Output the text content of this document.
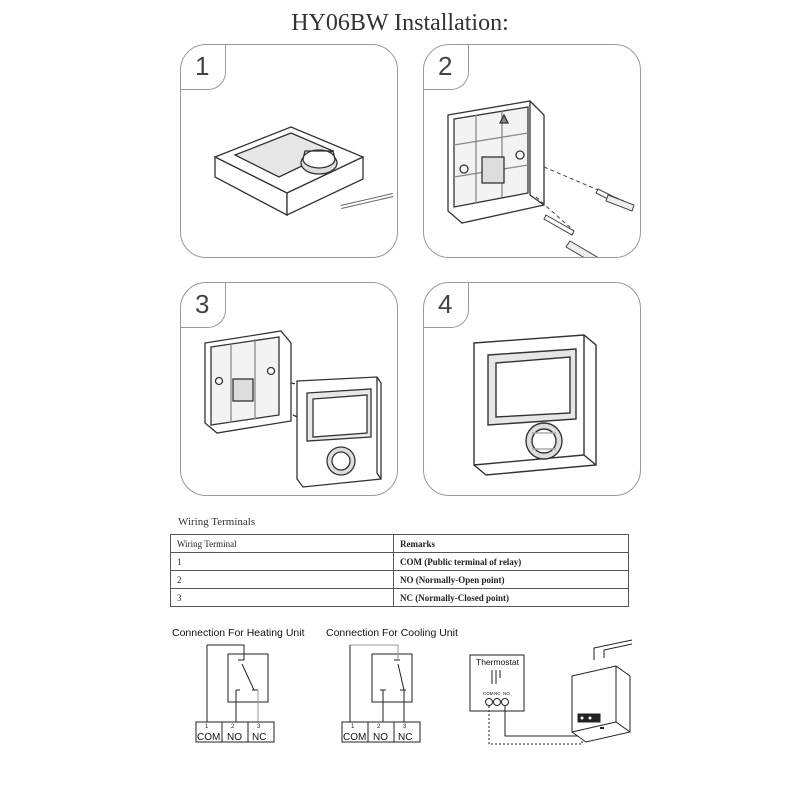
HY06BW Installation:
1	2
3	4
Wiring Terminals
Wiring Terminal	Remarks
1	COM (Public terminal of relay)
2	NO (Normally-Open point)
3	NC (Normally-Closed point)
Connection For Heating Unit Connection For Cooling Unit
1	2	3
COM NO NC
1	2	3
COM NO NC
Thermostat
COM NC NO
